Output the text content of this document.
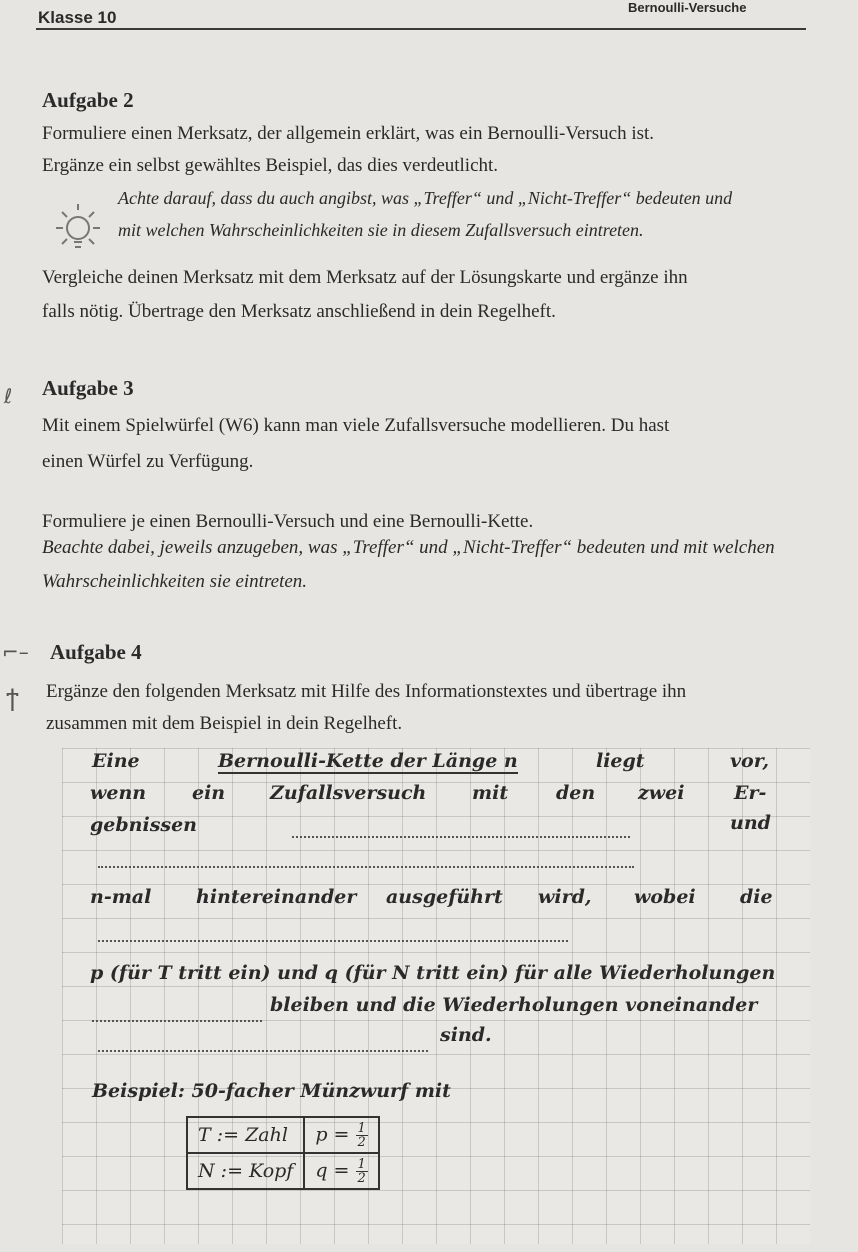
Klasse 10
Bernoulli-Versuche
Aufgabe 2

Formuliere einen Merksatz, der allgemein erklärt, was ein Bernoulli-Versuch ist.

Ergänze ein selbst gewähltes Beispiel, das dies verdeutlicht.

Achte darauf, dass du auch angibst, was „Treffer“ und „Nicht-Treffer“ bedeuten und

mit welchen Wahrscheinlichkeiten sie in diesem Zufallsversuch eintreten.

Vergleiche deinen Merksatz mit dem Merksatz auf der Lösungskarte und ergänze ihn

falls nötig. Übertrage den Merksatz anschließend in dein Regelheft.

ℓ Aufgabe 3

Mit einem Spielwürfel (W6) kann man viele Zufallsversuche modellieren. Du hast

einen Würfel zu Verfügung.

Formuliere je einen Bernoulli-Versuch und eine Bernoulli-Kette.

Beachte dabei, jeweils anzugeben, was „Treffer“ und „Nicht-Treffer“ bedeuten und mit welchen

Wahrscheinlichkeiten sie eintreten.

⌐– Aufgabe 4
ϯ Ergänze den folgenden Merksatz mit Hilfe des Informationstextes und übertrage ihn

zusammen mit dem Beispiel in dein Regelheft.

Eine	Bernoulli-Kette der Länge n	liegt	vor,
wenn ein Zufallsversuch mit	den zwei	Er-
gebnissen	und
n-mal hintereinander ausgeführt wird, wobei die
p (für T tritt ein) und q (für N tritt ein) für alle Wiederholungen
bleiben und die Wiederholungen voneinander
sind.
Beispiel: 50-facher Münzwurf mit
T := Zahl	$p = \frac{1}{2}$

N := Kopf	$q = \frac{1}{2}$
